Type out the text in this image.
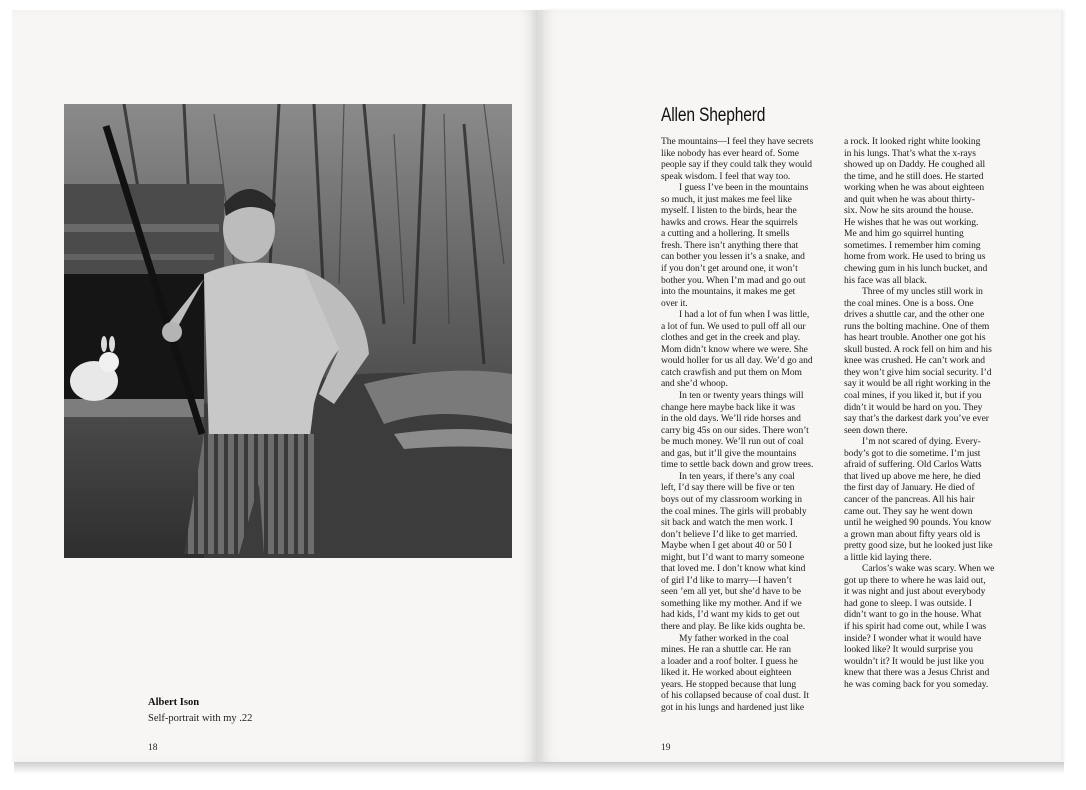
Albert Ison
Self-portrait with my .22
18
Allen Shepherd
The mountains—I feel they have secrets
like nobody has ever heard of. Some
people say if they could talk they would
speak wisdom. I feel that way too.
I guess I’ve been in the mountains
so much, it just makes me feel like
myself. I listen to the birds, hear the
hawks and crows. Hear the squirrels
a cutting and a hollering. It smells
fresh. There isn’t anything there that
can bother you lessen it’s a snake, and
if you don’t get around one, it won’t
bother you. When I’m mad and go out
into the mountains, it makes me get
over it.
I had a lot of fun when I was little,
a lot of fun. We used to pull off all our
clothes and get in the creek and play.
Mom didn’t know where we were. She
would holler for us all day. We’d go and
catch crawfish and put them on Mom
and she’d whoop.
In ten or twenty years things will
change here maybe back like it was
in the old days. We’ll ride horses and
carry big 45s on our sides. There won’t
be much money. We’ll run out of coal
and gas, but it’ll give the mountains
time to settle back down and grow trees.
In ten years, if there’s any coal
left, I’d say there will be five or ten
boys out of my classroom working in
the coal mines. The girls will probably
sit back and watch the men work. I
don’t believe I’d like to get married.
Maybe when I get about 40 or 50 I
might, but I’d want to marry someone
that loved me. I don’t know what kind
of girl I’d like to marry—I haven’t
seen ’em all yet, but she’d have to be
something like my mother. And if we
had kids, I’d want my kids to get out
there and play. Be like kids oughta be.
My father worked in the coal
mines. He ran a shuttle car. He ran
a loader and a roof bolter. I guess he
liked it. He worked about eighteen
years. He stopped because that lung
of his collapsed because of coal dust. It
got in his lungs and hardened just like
a rock. It looked right white looking
in his lungs. That’s what the x-rays
showed up on Daddy. He coughed all
the time, and he still does. He started
working when he was about eighteen
and quit when he was about thirty-
six. Now he sits around the house.
He wishes that he was out working.
Me and him go squirrel hunting
sometimes. I remember him coming
home from work. He used to bring us
chewing gum in his lunch bucket, and
his face was all black.
Three of my uncles still work in
the coal mines. One is a boss. One
drives a shuttle car, and the other one
runs the bolting machine. One of them
has heart trouble. Another one got his
skull busted. A rock fell on him and his
knee was crushed. He can’t work and
they won’t give him social security. I’d
say it would be all right working in the
coal mines, if you liked it, but if you
didn’t it would be hard on you. They
say that’s the darkest dark you’ve ever
seen down there.
I’m not scared of dying. Every-
body’s got to die sometime. I’m just
afraid of suffering. Old Carlos Watts
that lived up above me here, he died
the first day of January. He died of
cancer of the pancreas. All his hair
came out. They say he went down
until he weighed 90 pounds. You know
a grown man about fifty years old is
pretty good size, but he looked just like
a little kid laying there.
Carlos’s wake was scary. When we
got up there to where he was laid out,
it was night and just about everybody
had gone to sleep. I was outside. I
didn’t want to go in the house. What
if his spirit had come out, while I was
inside? I wonder what it would have
looked like? It would surprise you
wouldn’t it? It would be just like you
knew that there was a Jesus Christ and
he was coming back for you someday.
19
